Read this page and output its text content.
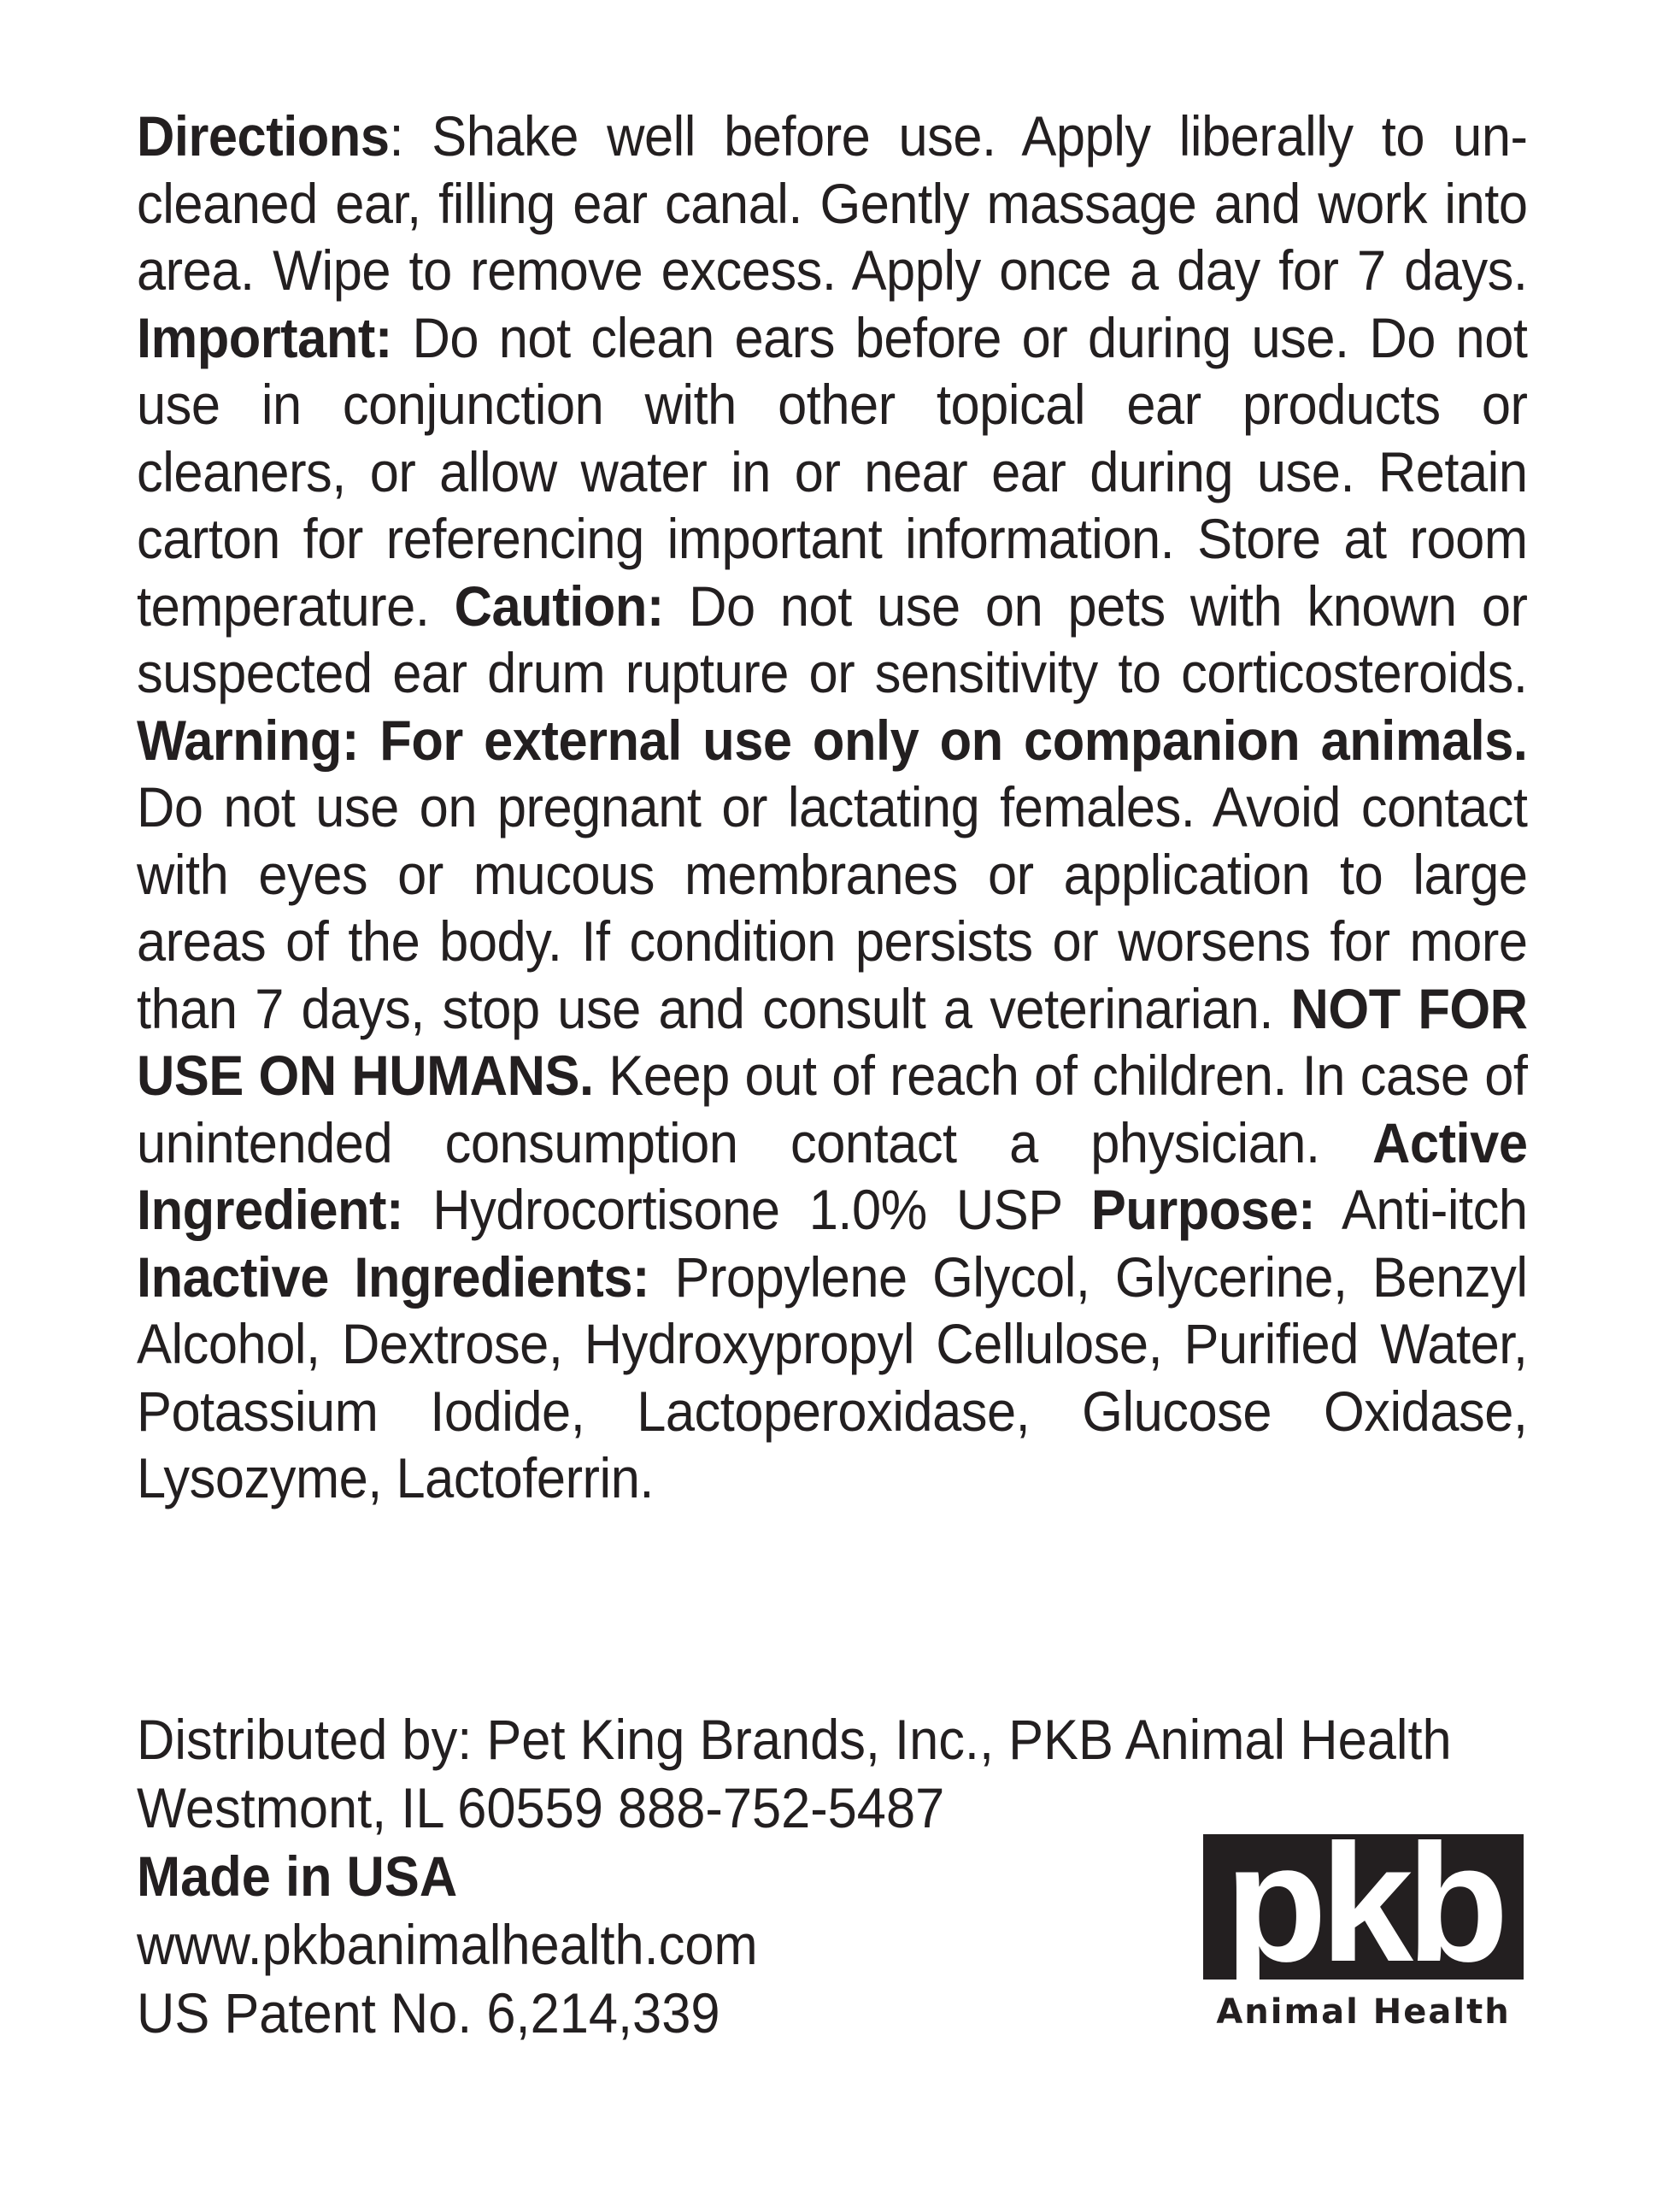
Directions: Shake well before use. Apply liberally to un-cleaned ear, filling ear canal. Gently massage and work into area. Wipe to remove excess. Apply once a day for 7 days. Important: Do not clean ears before or during use. Do not use in conjunction with other topical ear products or cleaners, or allow water in or near ear during use. Retain carton for referencing important information. Store at room temperature. Caution: Do not use on pets with known or suspected ear drum rupture or sensitivity to corticosteroids. Warning: For external use only on companion animals. Do not use on pregnant or lactating females. Avoid contact with eyes or mucous membranes or application to large areas of the body. If condition persists or worsens for more than 7 days, stop use and consult a veterinarian. NOT FOR USE ON HUMANS. Keep out of reach of children. In case of unintended consumption contact a physician. Active Ingredient: Hydrocortisone 1.0% USP Purpose: Anti-itch Inactive Ingredients: Propylene Glycol, Glycerine, Benzyl Alcohol, Dextrose, Hydroxypropyl Cellulose, Purified Water, Potassium Iodide, Lactoperoxidase, Glucose Oxidase, Lysozyme, Lactoferrin.
Distributed by: Pet King Brands, Inc., PKB Animal Health
Westmont, IL 60559 888-752-5487
Made in USA
www.pkbanimalhealth.com
US Patent No. 6,214,339
pkb
Animal Health
